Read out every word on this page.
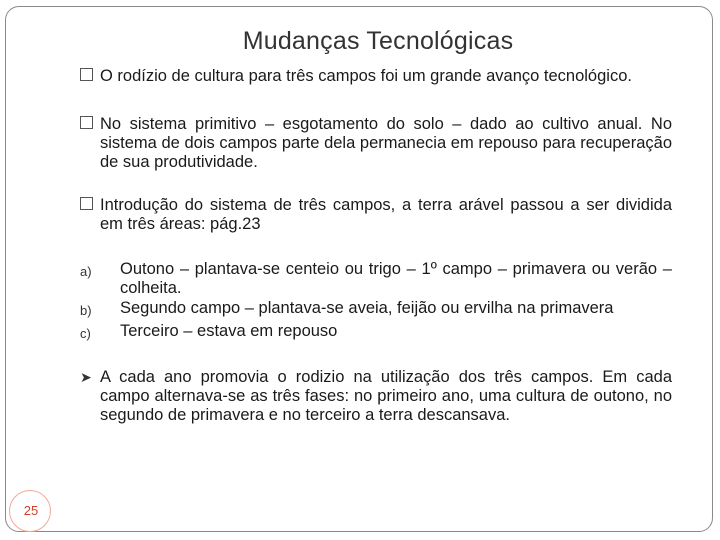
Mudanças Tecnológicas
O rodízio de cultura para três campos foi um grande avanço tecnológico.
No sistema primitivo – esgotamento do solo – dado ao cultivo anual. No sistema de dois campos parte dela permanecia em repouso para recuperação de sua produtividade.
Introdução do sistema de três campos, a terra arável passou a ser dividida em três áreas: pág.23
a) Outono – plantava-se centeio ou trigo – 1º campo – primavera ou verão – colheita.
b) Segundo campo – plantava-se aveia, feijão ou ervilha na primavera
c) Terceiro – estava em repouso
➤ A cada ano promovia o rodizio na utilização dos três campos. Em cada campo alternava-se as três fases: no primeiro ano, uma cultura de outono, no segundo de primavera e no terceiro a terra descansava.
25
